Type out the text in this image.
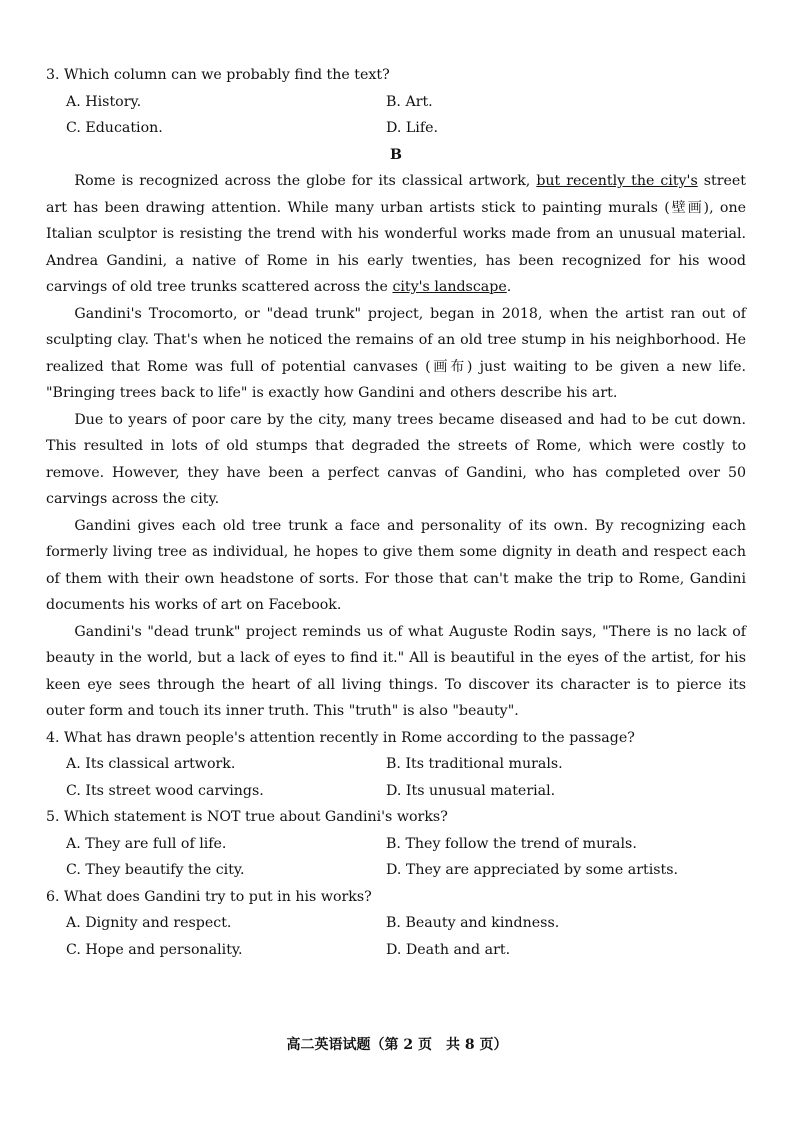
3. Which column can we probably find the text?

A. History.	B. Art.
C. Education.	D. Life.

B

Rome is recognized across the globe for its classical artwork, but recently the city's street art has been drawing attention. While many urban artists stick to painting murals (壁画), one Italian sculptor is resisting the trend with his wonderful works made from an unusual material. Andrea Gandini, a native of Rome in his early twenties, has been recognized for his wood carvings of old tree trunks scattered across the city's landscape.

Gandini's Trocomorto, or "dead trunk" project, began in 2018, when the artist ran out of sculpting clay. That's when he noticed the remains of an old tree stump in his neighborhood. He realized that Rome was full of potential canvases (画布) just waiting to be given a new life. "Bringing trees back to life" is exactly how Gandini and others describe his art.

Due to years of poor care by the city, many trees became diseased and had to be cut down. This resulted in lots of old stumps that degraded the streets of Rome, which were costly to remove. However, they have been a perfect canvas of Gandini, who has completed over 50 carvings across the city.

Gandini gives each old tree trunk a face and personality of its own. By recognizing each formerly living tree as individual, he hopes to give them some dignity in death and respect each of them with their own headstone of sorts. For those that can't make the trip to Rome, Gandini documents his works of art on Facebook.

Gandini's "dead trunk" project reminds us of what Auguste Rodin says, "There is no lack of beauty in the world, but a lack of eyes to find it." All is beautiful in the eyes of the artist, for his keen eye sees through the heart of all living things. To discover its character is to pierce its outer form and touch its inner truth. This "truth" is also "beauty".

4. What has drawn people's attention recently in Rome according to the passage?

A. Its classical artwork.	B. Its traditional murals.
C. Its street wood carvings.	D. Its unusual material.

5. Which statement is NOT true about Gandini's works?

A. They are full of life.	B. They follow the trend of murals.
C. They beautify the city.	D. They are appreciated by some artists.

6. What does Gandini try to put in his works?

A. Dignity and respect.	B. Beauty and kindness.
C. Hope and personality.	D. Death and art.
高二英语试题（第 2 页　共 8 页）
